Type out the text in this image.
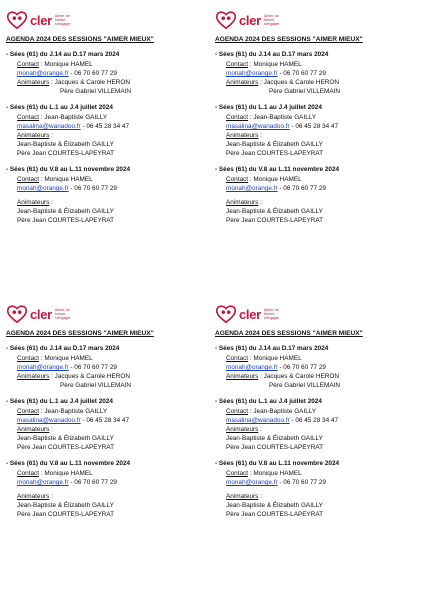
cler Aimer, se former, s'engager
AGENDA 2024 DES SESSIONS "AIMER MIEUX"
- Sées (61) du J.14 au D.17 mars 2024
Contact : Monique HAMEL
monah@orange.fr - 06 70 60 77 29
Animateurs : Jacques & Carole HERON
Père Gabriel VILLEMAIN
- Sées (61) du L.1 au J.4 juillet 2024
Contact : Jean-Baptiste GAILLY
masalina@wanadoo.fr - 06 45 28 34 47
Animateurs :
Jean-Baptiste & Élizabeth GAILLY
Père Jean COURTES-LAPEYRAT
- Sées (61) du V.8 au L.11 novembre 2024
Contact : Monique HAMEL
monah@orange.fr - 06 70 60 77 29
Animateurs :
Jean-Baptiste & Élizabeth GAILLY
Père Jean COURTES-LAPEYRAT
cler Aimer, se former, s'engager
AGENDA 2024 DES SESSIONS "AIMER MIEUX"
- Sées (61) du J.14 au D.17 mars 2024
Contact : Monique HAMEL
monah@orange.fr - 06 70 60 77 29
Animateurs : Jacques & Carole HERON
Père Gabriel VILLEMAIN
- Sées (61) du L.1 au J.4 juillet 2024
Contact : Jean-Baptiste GAILLY
masalina@wanadoo.fr - 06 45 28 34 47
Animateurs :
Jean-Baptiste & Élizabeth GAILLY
Père Jean COURTES-LAPEYRAT
- Sées (61) du V.8 au L.11 novembre 2024
Contact : Monique HAMEL
monah@orange.fr - 06 70 60 77 29
Animateurs :
Jean-Baptiste & Élizabeth GAILLY
Père Jean COURTES-LAPEYRAT
cler Aimer, se former, s'engager
AGENDA 2024 DES SESSIONS "AIMER MIEUX"
- Sées (61) du J.14 au D.17 mars 2024
Contact : Monique HAMEL
monah@orange.fr - 06 70 60 77 29
Animateurs : Jacques & Carole HERON
Père Gabriel VILLEMAIN
- Sées (61) du L.1 au J.4 juillet 2024
Contact : Jean-Baptiste GAILLY
masalina@wanadoo.fr - 06 45 28 34 47
Animateurs :
Jean-Baptiste & Élizabeth GAILLY
Père Jean COURTES-LAPEYRAT
- Sées (61) du V.8 au L.11 novembre 2024
Contact : Monique HAMEL
monah@orange.fr - 06 70 60 77 29
Animateurs :
Jean-Baptiste & Élizabeth GAILLY
Père Jean COURTES-LAPEYRAT
cler Aimer, se former, s'engager
AGENDA 2024 DES SESSIONS "AIMER MIEUX"
- Sées (61) du J.14 au D.17 mars 2024
Contact : Monique HAMEL
monah@orange.fr - 06 70 60 77 29
Animateurs : Jacques & Carole HERON
Père Gabriel VILLEMAIN
- Sées (61) du L.1 au J.4 juillet 2024
Contact : Jean-Baptiste GAILLY
masalina@wanadoo.fr - 06 45 28 34 47
Animateurs :
Jean-Baptiste & Élizabeth GAILLY
Père Jean COURTES-LAPEYRAT
- Sées (61) du V.8 au L.11 novembre 2024
Contact : Monique HAMEL
monah@orange.fr - 06 70 60 77 29
Animateurs :
Jean-Baptiste & Élizabeth GAILLY
Père Jean COURTES-LAPEYRAT
